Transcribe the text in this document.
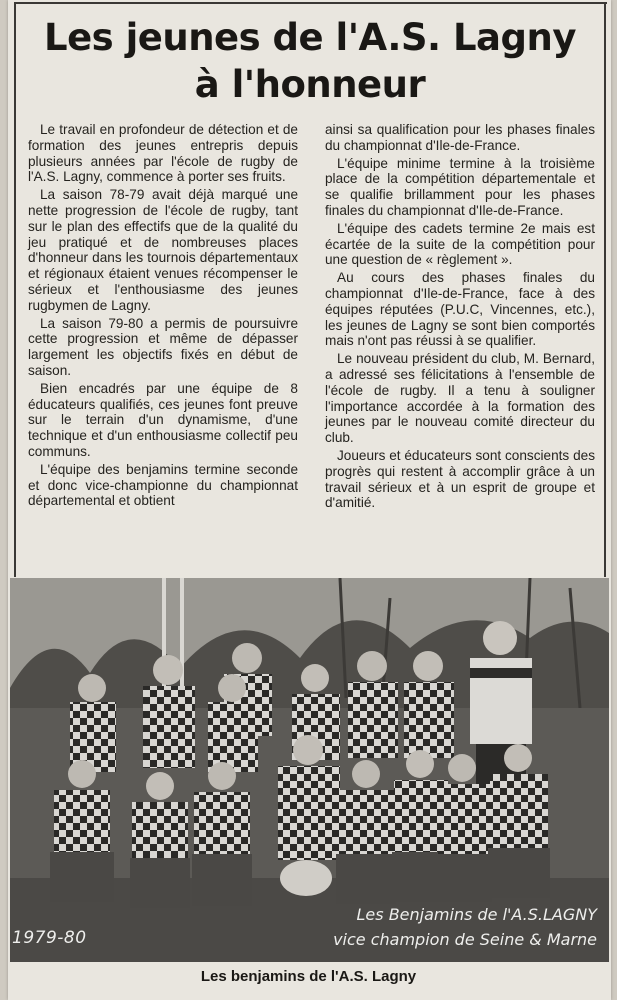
Les jeunes de l'A.S. Lagny
à l'honneur

Le travail en profondeur de détection et de formation des jeunes entrepris depuis plusieurs années par l'école de rugby de l'A.S. Lagny, commence à porter ses fruits.

La saison 78-79 avait déjà marqué une nette progression de l'école de rugby, tant sur le plan des effectifs que de la qualité du jeu pratiqué et de nombreuses places d'honneur dans les tournois départementaux et régionaux étaient venues récompenser le sérieux et l'enthousiasme des jeunes rugbymen de Lagny.

La saison 79-80 a permis de poursuivre cette progression et même de dépasser largement les objectifs fixés en début de saison.

Bien encadrés par une équipe de 8 éducateurs qualifiés, ces jeunes font preuve sur le terrain d'un dynamisme, d'une technique et d'un enthousiasme collectif peu communs.

L'équipe des benjamins termine seconde et donc vice-championne du championnat départemental et obtient

ainsi sa qualification pour les phases finales du championnat d'Ile-de-France.

L'équipe minime termine à la troisième place de la compétition départementale et se qualifie brillamment pour les phases finales du championnat d'Ile-de-France.

L'équipe des cadets termine 2e mais est écartée de la suite de la compétition pour une question de « règlement ».

Au cours des phases finales du championnat d'Ile-de-France, face à des équipes réputées (P.U.C, Vincennes, etc.), les jeunes de Lagny se sont bien comportés mais n'ont pas réussi à se qualifier.

Le nouveau président du club, M. Bernard, a adressé ses félicitations à l'ensemble de l'école de rugby. Il a tenu à souligner l'importance accordée à la formation des jeunes par le nouveau comité directeur du club.

Joueurs et éducateurs sont conscients des progrès qui restent à accomplir grâce à un travail sérieux et à un esprit de groupe et d'amitié.

1979-80
Les Benjamins de l'A.S.LAGNY
vice champion de Seine & Marne
Les benjamins de l'A.S. Lagny
